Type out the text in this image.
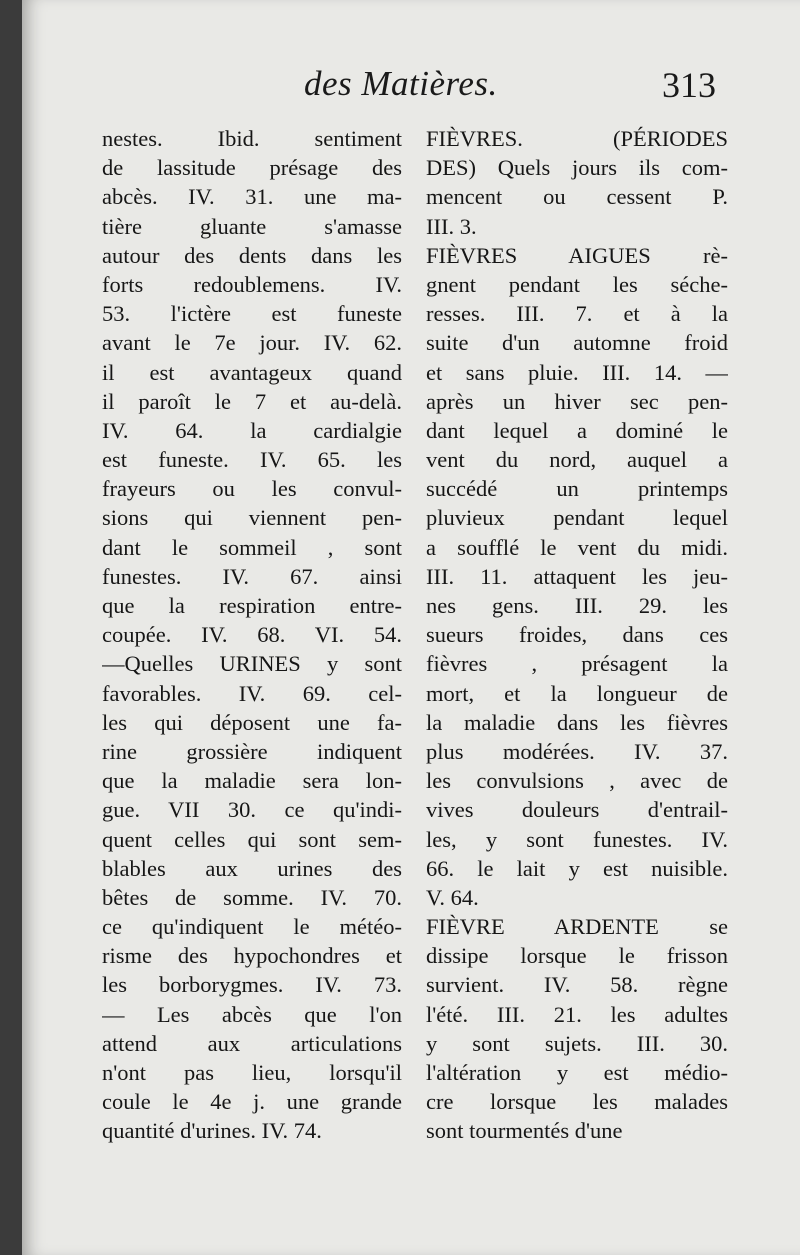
des Matières.	313
nestes. Ibid. sentiment
de lassitude présage des
abcès. IV. 31. une ma-
tière gluante s'amasse
autour des dents dans les
forts redoublemens. IV.
53. l'ictère est funeste
avant le 7e jour. IV. 62.
il est avantageux quand
il paroît le 7 et au-delà.
IV. 64. la cardialgie
est funeste. IV. 65. les
frayeurs ou les convul-
sions qui viennent pen-
dant le sommeil , sont
funestes. IV. 67. ainsi
que la respiration entre-
coupée. IV. 68. VI. 54.
—Quelles URINES y sont
favorables. IV. 69. cel-
les qui déposent une fa-
rine grossière indiquent
que la maladie sera lon-
gue. VII 30. ce qu'indi-
quent celles qui sont sem-
blables aux urines des
bêtes de somme. IV. 70.
ce qu'indiquent le météo-
risme des hypochondres et
les borborygmes. IV. 73.
— Les abcès que l'on
attend aux articulations
n'ont pas lieu, lorsqu'il
coule le 4e j. une grande
quantité d'urines. IV. 74.
FIÈVRES. (PÉRIODES
DES) Quels jours ils com-
mencent ou cessent P.
III. 3.
FIÈVRES AIGUES rè-
gnent pendant les séche-
resses. III. 7. et à la
suite d'un automne froid
et sans pluie. III. 14. —
après un hiver sec pen-
dant lequel a dominé le
vent du nord, auquel a
succédé un printemps
pluvieux pendant lequel
a soufflé le vent du midi.
III. 11. attaquent les jeu-
nes gens. III. 29. les
sueurs froides, dans ces
fièvres , présagent la
mort, et la longueur de
la maladie dans les fièvres
plus modérées. IV. 37.
les convulsions , avec de
vives douleurs d'entrail-
les, y sont funestes. IV.
66. le lait y est nuisible.
V. 64.
FIÈVRE ARDENTE se
dissipe lorsque le frisson
survient. IV. 58. règne
l'été. III. 21. les adultes
y sont sujets. III. 30.
l'altération y est médio-
cre lorsque les malades
sont tourmentés d'une
